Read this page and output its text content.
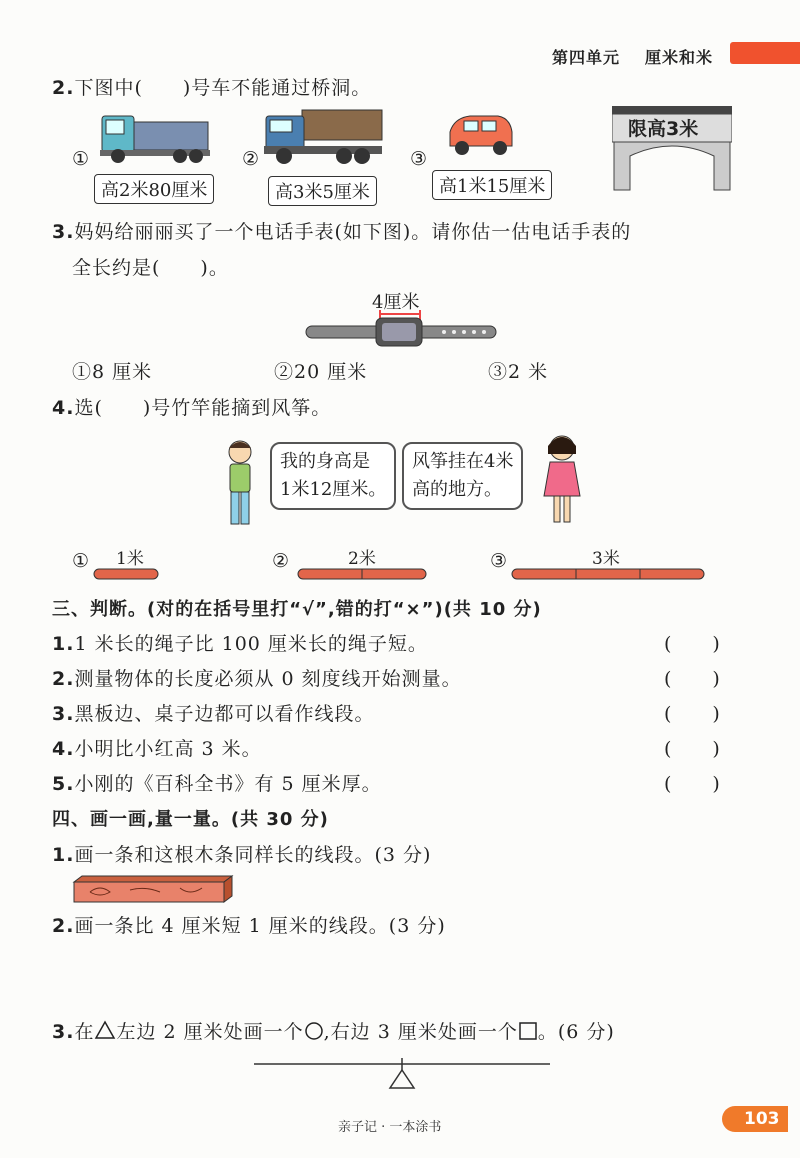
第四单元 厘米和米
2.下图中(　　)号车不能通过桥洞。
①
高2米80厘米
②
高3米5厘米
③
高1米15厘米
限高3米
3.妈妈给丽丽买了一个电话手表(如下图)。请你估一估电话手表的
全长约是(　　)。
4厘米
①8 厘米	②20 厘米	③2 米
4.选(　　)号竹竿能摘到风筝。
我的身高是
1米12厘米。
风筝挂在4米
高的地方。
① 1米	②	2米	③	3米
三、判断。(对的在括号里打“√”,错的打“×”)(共 10 分)
1.1 米长的绳子比 100 厘米长的绳子短。	(　　)
2.测量物体的长度必须从 0 刻度线开始测量。	(　　)
3.黑板边、桌子边都可以看作线段。	(　　)
4.小明比小红高 3 米。	(　　)
5.小刚的《百科全书》有 5 厘米厚。	(　　)
四、画一画,量一量。(共 30 分)
1.画一条和这根木条同样长的线段。(3 分)
2.画一条比 4 厘米短 1 厘米的线段。(3 分)
3.在 左边 2 厘米处画一个 ,右边 3 厘米处画一个 。(6 分)
亲子记 · 一本涂书	103
